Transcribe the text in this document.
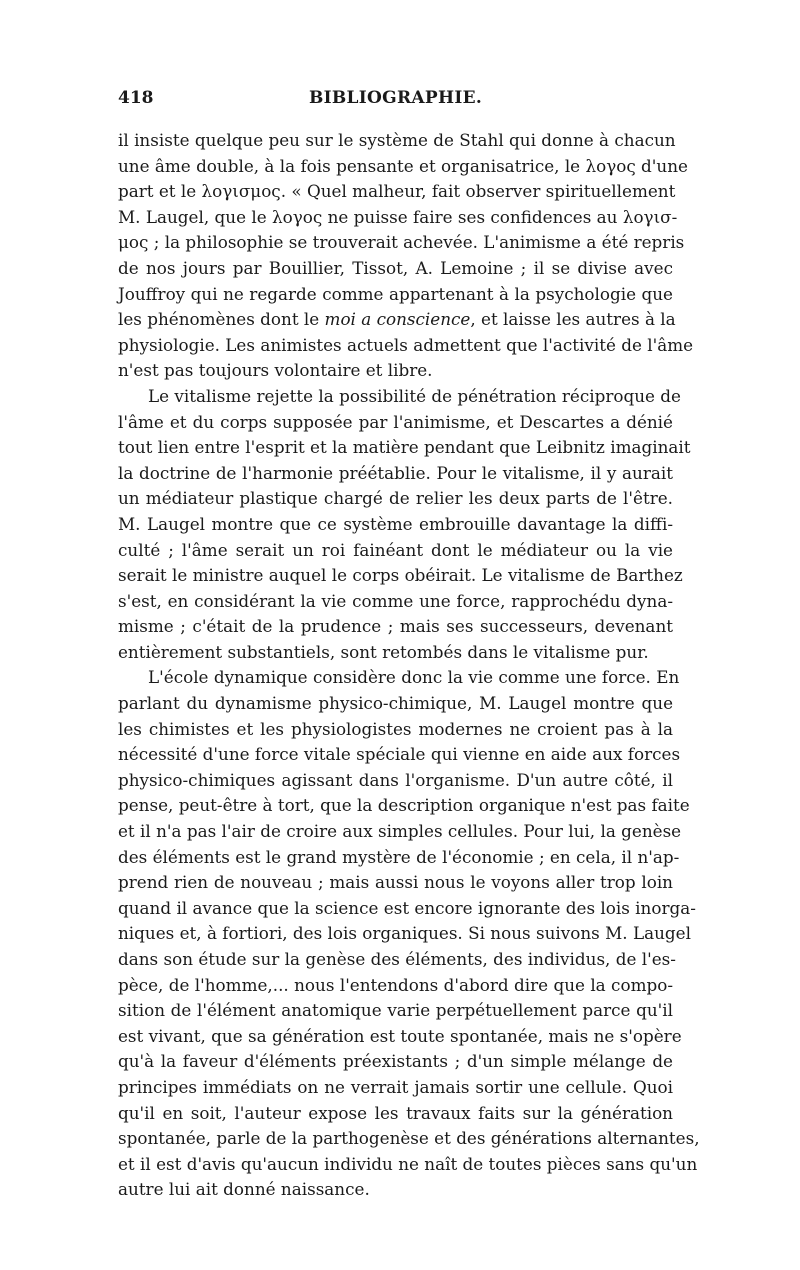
418	BIBLIOGRAPHIE.
il insiste quelque peu sur le système de Stahl qui donne à chacun
une âme double, à la fois pensante et organisatrice, le λογος d'une
part et le λογισμος. « Quel malheur, fait observer spirituellement
M. Laugel, que le λογος ne puisse faire ses confidences au λογισ-
μος ; la philosophie se trouverait achevée. L'animisme a été repris
de nos jours par Bouillier, Tissot, A. Lemoine ; il se divise avec
Jouffroy qui ne regarde comme appartenant à la psychologie que
les phénomènes dont le moi a conscience, et laisse les autres à la
physiologie. Les animistes actuels admettent que l'activité de l'âme
n'est pas toujours volontaire et libre.
Le vitalisme rejette la possibilité de pénétration réciproque de
l'âme et du corps supposée par l'animisme, et Descartes a dénié
tout lien entre l'esprit et la matière pendant que Leibnitz imaginait
la doctrine de l'harmonie préétablie. Pour le vitalisme, il y aurait
un médiateur plastique chargé de relier les deux parts de l'être.
M. Laugel montre que ce système embrouille davantage la diffi-
culté ; l'âme serait un roi fainéant dont le médiateur ou la vie
serait le ministre auquel le corps obéirait. Le vitalisme de Barthez
s'est, en considérant la vie comme une force, rapprochédu dyna-
misme ; c'était de la prudence ; mais ses successeurs, devenant
entièrement substantiels, sont retombés dans le vitalisme pur.
L'école dynamique considère donc la vie comme une force. En
parlant du dynamisme physico-chimique, M. Laugel montre que
les chimistes et les physiologistes modernes ne croient pas à la
nécessité d'une force vitale spéciale qui vienne en aide aux forces
physico-chimiques agissant dans l'organisme. D'un autre côté, il
pense, peut-être à tort, que la description organique n'est pas faite
et il n'a pas l'air de croire aux simples cellules. Pour lui, la genèse
des éléments est le grand mystère de l'économie ; en cela, il n'ap-
prend rien de nouveau ; mais aussi nous le voyons aller trop loin
quand il avance que la science est encore ignorante des lois inorga-
niques et, à fortiori, des lois organiques. Si nous suivons M. Laugel
dans son étude sur la genèse des éléments, des individus, de l'es-
pèce, de l'homme,... nous l'entendons d'abord dire que la compo-
sition de l'élément anatomique varie perpétuellement parce qu'il
est vivant, que sa génération est toute spontanée, mais ne s'opère
qu'à la faveur d'éléments préexistants ; d'un simple mélange de
principes immédiats on ne verrait jamais sortir une cellule. Quoi
qu'il en soit, l'auteur expose les travaux faits sur la génération
spontanée, parle de la parthogenèse et des générations alternantes,
et il est d'avis qu'aucun individu ne naît de toutes pièces sans qu'un
autre lui ait donné naissance.
